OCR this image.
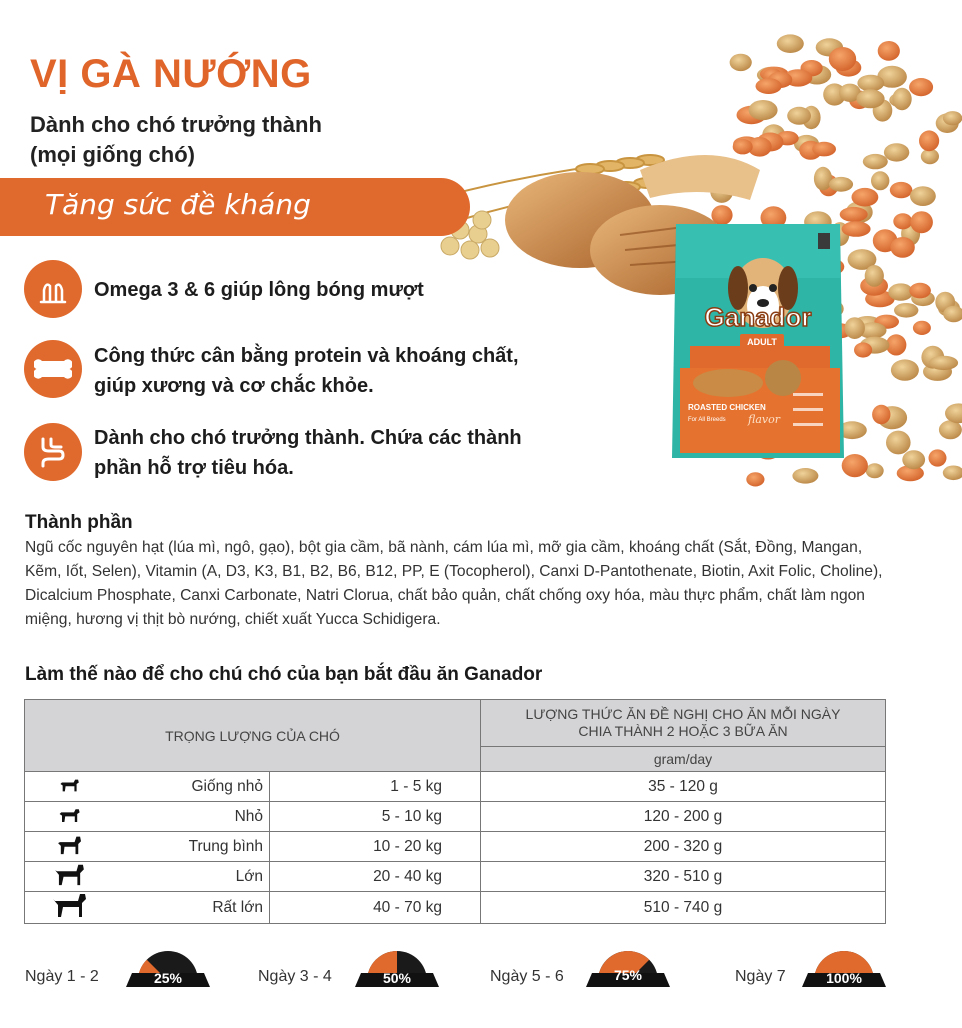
Ganador
ADULT
ROASTED CHICKEN
For All Breeds flavor
VỊ GÀ NƯỚNG
Dành cho chó trưởng thành
(mọi giống chó)
Tăng sức đề kháng
Omega 3 & 6 giúp lông bóng mượt
Công thức cân bằng protein và khoáng chất,
giúp xương và cơ chắc khỏe.
Dành cho chó trưởng thành. Chứa các thành
phần hỗ trợ tiêu hóa.
Thành phần
Ngũ cốc nguyên hạt (lúa mì, ngô, gạo), bột gia cầm, bã nành, cám lúa mì, mỡ gia cầm, khoáng chất (Sắt, Đồng, Mangan, Kẽm, Iốt, Selen), Vitamin (A, D3, K3, B1, B2, B6, B12, PP, E (Tocopherol), Canxi D-Pantothenate, Biotin, Axit Folic, Choline), Dicalcium Phosphate, Canxi Carbonate, Natri Clorua, chất bảo quản, chất chống oxy hóa, màu thực phẩm, chất làm ngon miệng, hương vị thịt bò nướng, chiết xuất Yucca Schidigera.
Làm thế nào để cho chú chó của bạn bắt đầu ăn Ganador
TRỌNG LƯỢNG CỦA CHÓ			LƯỢNG THỨC ĂN ĐỀ NGHỊ CHO ĂN MỖI NGÀY
CHIA THÀNH 2 HOẶC 3 BỮA ĂN

			gram/day
	Giống nhỏ	1 - 5 kg	35 - 120 g
	Nhỏ	5 - 10 kg	120 - 200 g
	Trung bình	10 - 20 kg	200 - 320 g
	Lớn	20 - 40 kg	320 - 510 g
	Rất lớn	40 - 70 kg	510 - 740 g
Ngày 1 - 2	Ngày 3 - 4	Ngày 5 - 6	Ngày 7
25%	50%	75%	100%
